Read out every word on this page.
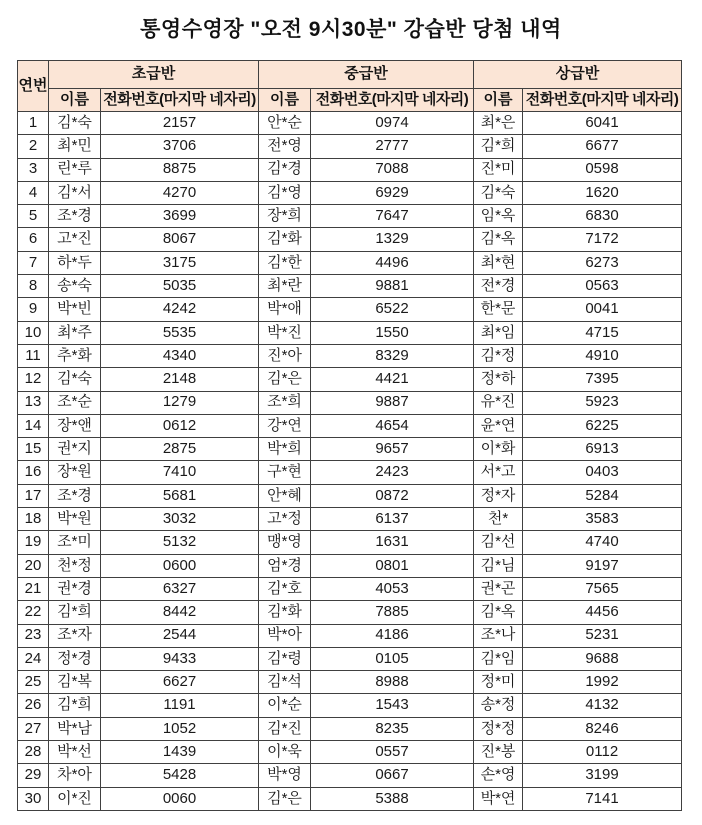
통영수영장 "오전 9시30분" 강습반 당첨 내역
연번	초급반		중급반		상급반	
	이름	전화번호(마지막 네자리)	이름	전화번호(마지막 네자리)	이름	전화번호(마지막 네자리)
1	김*숙	2157	안*순	0974	최*은	6041
2	최*민	3706	전*영	2777	김*희	6677
3	린*루	8875	김*경	7088	진*미	0598
4	김*서	4270	김*영	6929	김*숙	1620
5	조*경	3699	장*희	7647	임*옥	6830
6	고*진	8067	김*화	1329	김*옥	7172
7	하*두	3175	김*한	4496	최*현	6273
8	송*숙	5035	최*란	9881	전*경	0563
9	박*빈	4242	박*애	6522	한*문	0041
10	최*주	5535	박*진	1550	최*임	4715
11	추*화	4340	진*아	8329	김*정	4910
12	김*숙	2148	김*은	4421	정*하	7395
13	조*순	1279	조*희	9887	유*진	5923
14	장*앤	0612	강*연	4654	윤*연	6225
15	권*지	2875	박*희	9657	이*화	6913
16	장*원	7410	구*현	2423	서*고	0403
17	조*경	5681	안*혜	0872	정*자	5284
18	박*원	3032	고*정	6137	천*	3583
19	조*미	5132	맹*영	1631	김*선	4740
20	천*정	0600	엄*경	0801	김*님	9197
21	권*경	6327	김*호	4053	권*곤	7565
22	김*희	8442	김*화	7885	김*옥	4456
23	조*자	2544	박*아	4186	조*나	5231
24	정*경	9433	김*령	0105	김*임	9688
25	김*복	6627	김*석	8988	정*미	1992
26	김*희	1191	이*순	1543	송*정	4132
27	박*남	1052	김*진	8235	정*정	8246
28	박*선	1439	이*욱	0557	진*봉	0112
29	차*아	5428	박*영	0667	손*영	3199
30	이*진	0060	김*은	5388	박*연	7141
